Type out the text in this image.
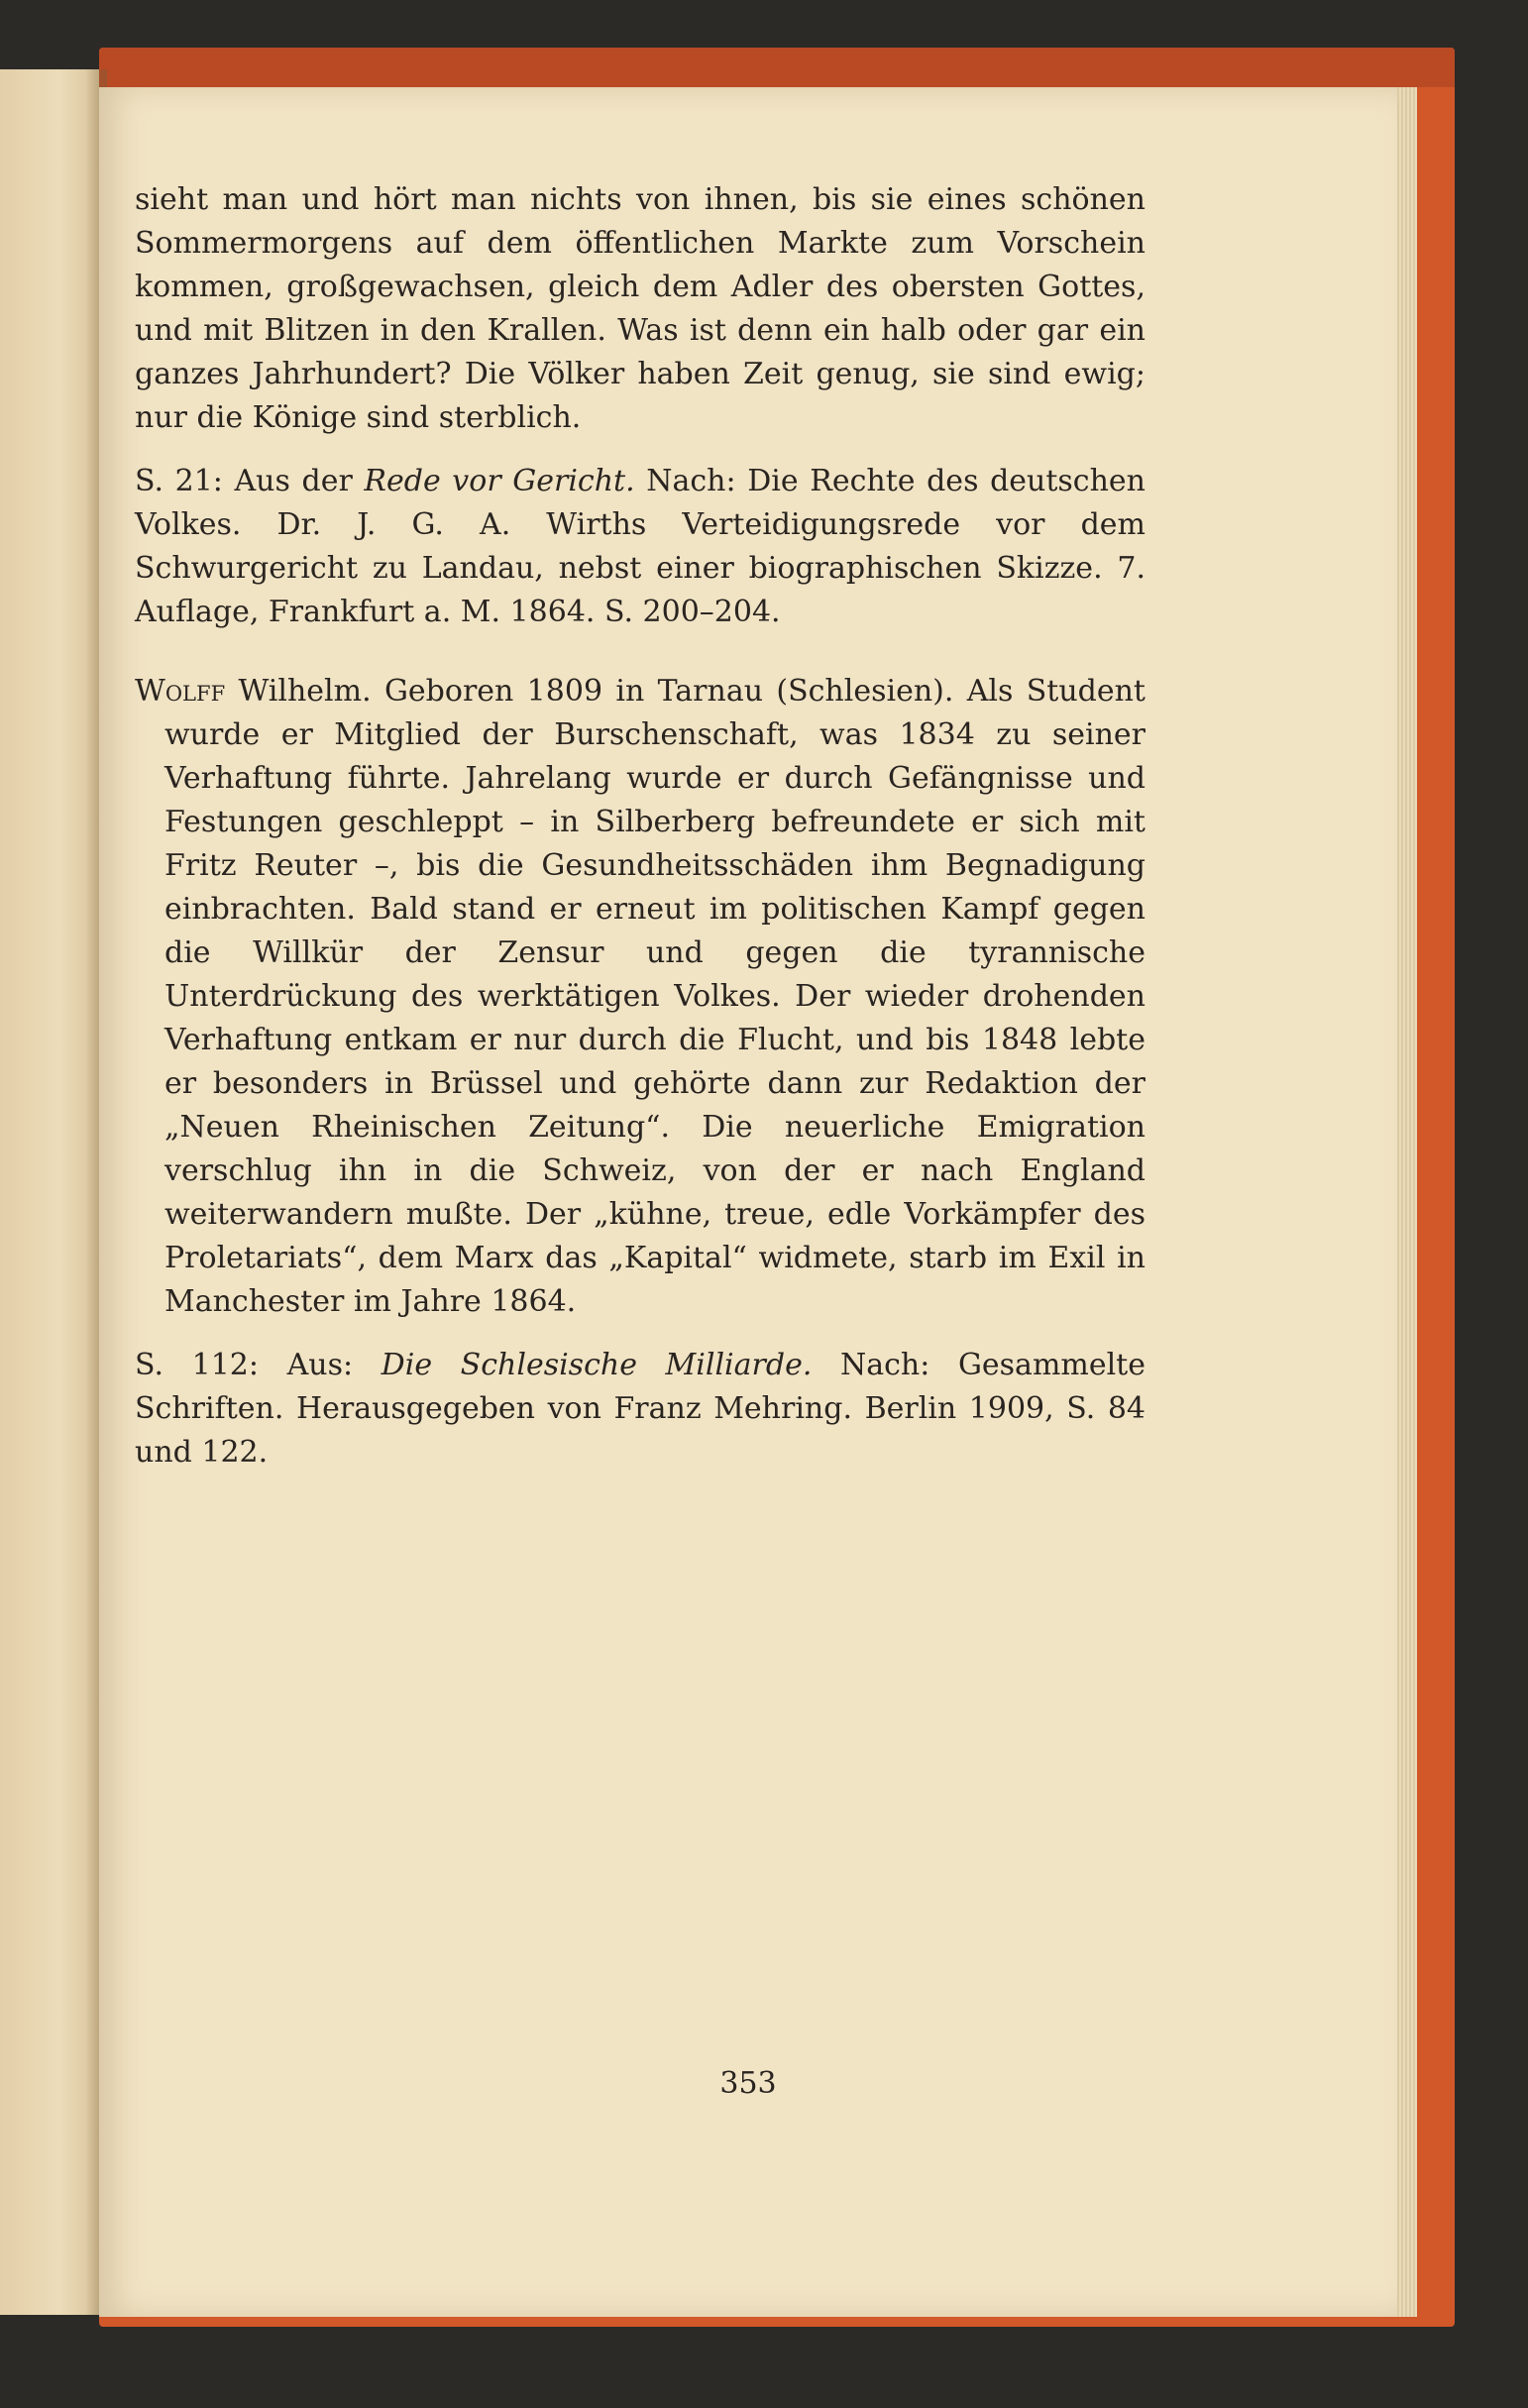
sieht man und hört man nichts von ihnen, bis sie eines schönen Sommermorgens auf dem öffentlichen Markte zum Vorschein kommen, großgewachsen, gleich dem Adler des obersten Gottes, und mit Blitzen in den Krallen. Was ist denn ein halb oder gar ein ganzes Jahrhundert? Die Völker haben Zeit genug, sie sind ewig; nur die Könige sind sterblich.

S. 21: Aus der Rede vor Gericht. Nach: Die Rechte des deutschen Volkes. Dr. J. G. A. Wirths Verteidigungsrede vor dem Schwurgericht zu Landau, nebst einer biographischen Skizze. 7. Auflage, Frankfurt a. M. 1864. S. 200–204.

Wolff Wilhelm. Geboren 1809 in Tarnau (Schlesien). Als Student wurde er Mitglied der Burschenschaft, was 1834 zu seiner Verhaftung führte. Jahrelang wurde er durch Gefängnisse und Festungen geschleppt – in Silberberg befreundete er sich mit Fritz Reuter –, bis die Gesundheitsschäden ihm Begnadigung einbrachten. Bald stand er erneut im politischen Kampf gegen die Willkür der Zensur und gegen die tyrannische Unterdrückung des werktätigen Volkes. Der wieder drohenden Verhaftung entkam er nur durch die Flucht, und bis 1848 lebte er besonders in Brüssel und gehörte dann zur Redaktion der „Neuen Rheinischen Zeitung“. Die neuerliche Emigration verschlug ihn in die Schweiz, von der er nach England weiterwandern mußte. Der „kühne, treue, edle Vorkämpfer des Proletariats“, dem Marx das „Kapital“ widmete, starb im Exil in Manchester im Jahre 1864.

S. 112: Aus: Die Schlesische Milliarde. Nach: Gesammelte Schriften. Herausgegeben von Franz Mehring. Berlin 1909, S. 84 und 122.

353
